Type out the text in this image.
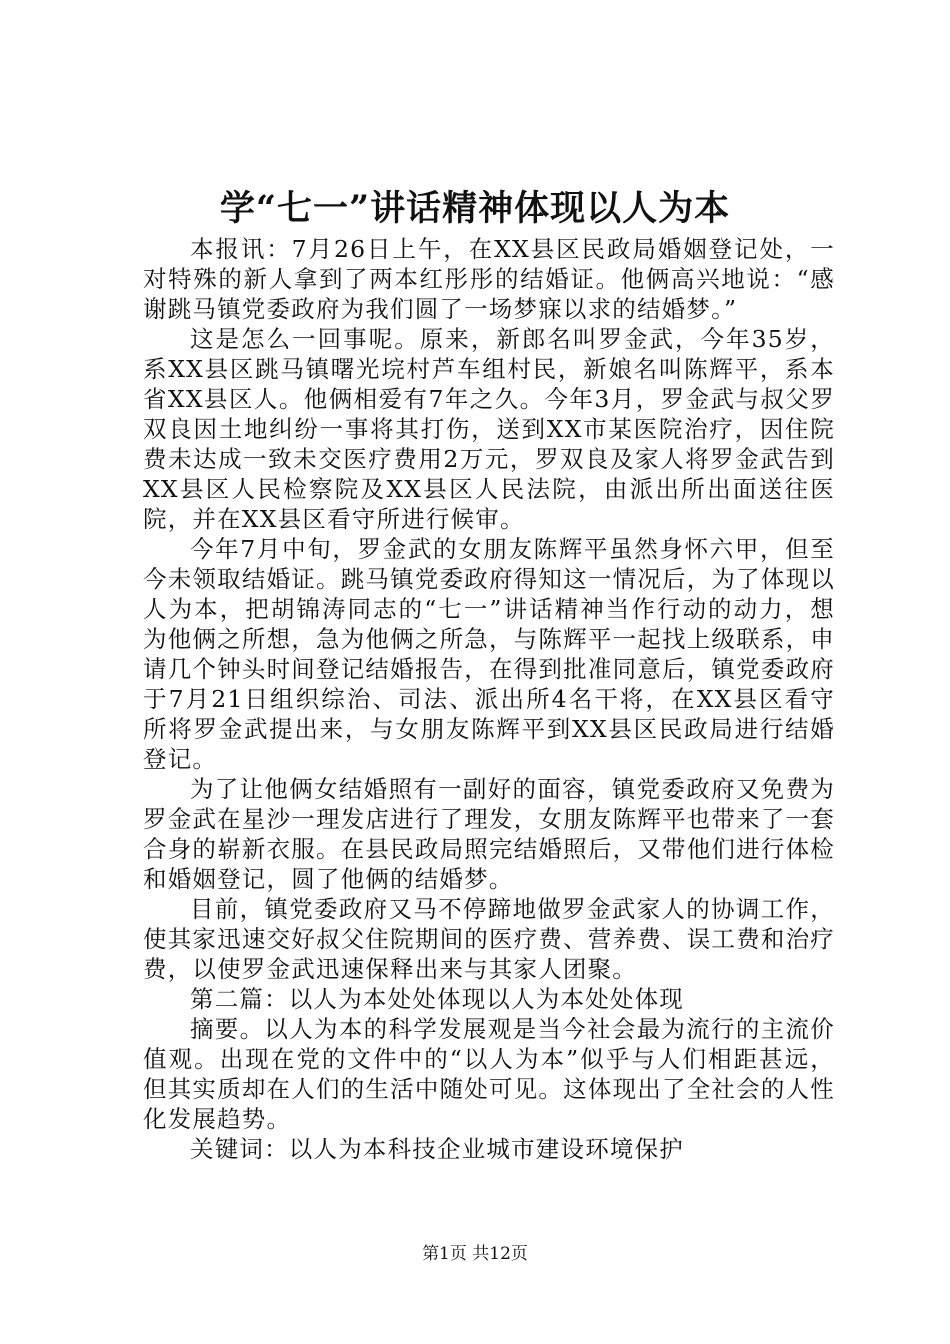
学“七一”讲话精神体现以人为本

本报讯：7月26日上午，在XX县区民政局婚姻登记处，一对特殊的新人拿到了两本红彤彤的结婚证。他俩高兴地说：“感谢跳马镇党委政府为我们圆了一场梦寐以求的结婚梦。”

这是怎么一回事呢。原来，新郎名叫罗金武，今年35岁，系XX县区跳马镇曙光垸村芦车组村民，新娘名叫陈辉平，系本省XX县区人。他俩相爱有7年之久。今年3月，罗金武与叔父罗双良因土地纠纷一事将其打伤，送到XX市某医院治疗，因住院费未达成一致未交医疗费用2万元，罗双良及家人将罗金武告到XX县区人民检察院及XX县区人民法院，由派出所出面送往医院，并在XX县区看守所进行候审。

今年7月中旬，罗金武的女朋友陈辉平虽然身怀六甲，但至今未领取结婚证。跳马镇党委政府得知这一情况后，为了体现以人为本，把胡锦涛同志的“七一”讲话精神当作行动的动力，想为他俩之所想，急为他俩之所急，与陈辉平一起找上级联系，申请几个钟头时间登记结婚报告，在得到批准同意后，镇党委政府于7月21日组织综治、司法、派出所4名干将，在XX县区看守所将罗金武提出来，与女朋友陈辉平到XX县区民政局进行结婚登记。

为了让他俩女结婚照有一副好的面容，镇党委政府又免费为罗金武在星沙一理发店进行了理发，女朋友陈辉平也带来了一套合身的崭新衣服。在县民政局照完结婚照后，又带他们进行体检和婚姻登记，圆了他俩的结婚梦。

目前，镇党委政府又马不停蹄地做罗金武家人的协调工作，使其家迅速交好叔父住院期间的医疗费、营养费、误工费和治疗费，以使罗金武迅速保释出来与其家人团聚。

第二篇：以人为本处处体现以人为本处处体现

摘要。以人为本的科学发展观是当今社会最为流行的主流价值观。出现在党的文件中的“以人为本”似乎与人们相距甚远，但其实质却在人们的生活中随处可见。这体现出了全社会的人性化发展趋势。

关键词：以人为本科技企业城市建设环境保护

第1页 共12页
